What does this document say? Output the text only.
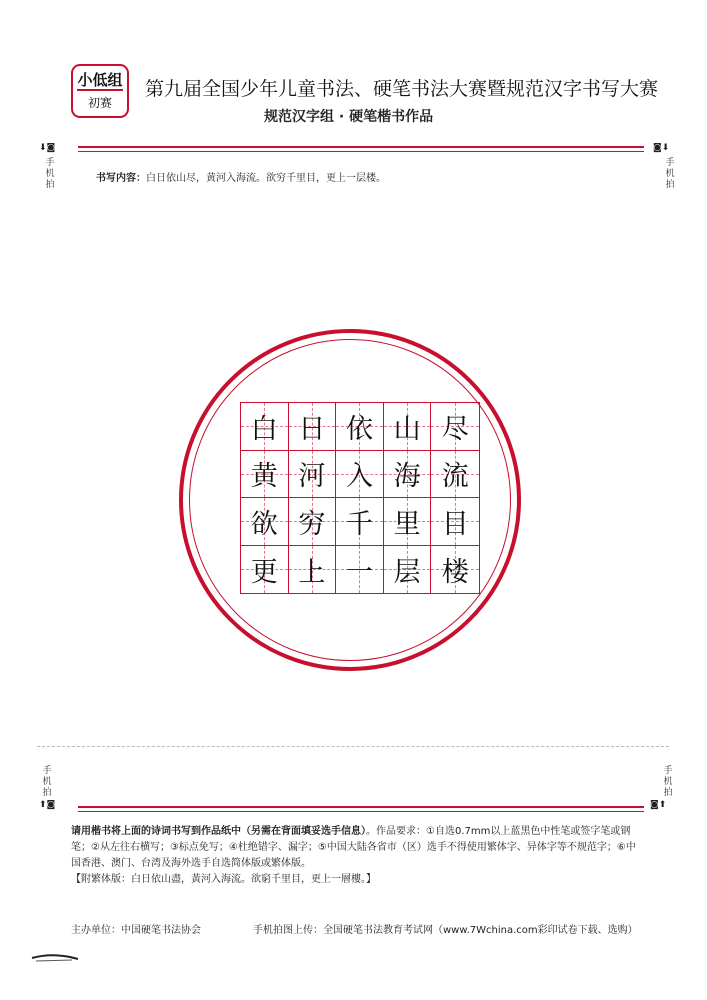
小低组
初赛
第九届全国少年儿童书法、硬笔书法大赛暨规范汉字书写大赛
规范汉字组 · 硬笔楷书作品
⬇◙
手机拍
◙⬇
手机拍
书写内容：白日依山尽，黄河入海流。欲穷千里目，更上一层楼。
白 日 依 山 尽
黄 河 入 海 流
欲 穷 千 里 目
更 上 一 层 楼
手机拍
⬆◙
手机拍
◙⬆
请用楷书将上面的诗词书写到作品纸中（另需在背面填妥选手信息）。作品要求：①自选0.7mm以上蓝黑色中性笔或签字笔或钢笔；②从左往右横写；③标点免写；④杜绝错字、漏字；⑤中国大陆各省市（区）选手不得使用繁体字、异体字等不规范字；⑥中国香港、澳门、台湾及海外选手自选简体版或繁体版。
【附繁体版：白日依山盡，黃河入海流。欲窮千里目，更上一層樓。】
主办单位：中国硬笔书法协会	手机拍图上传：全国硬笔书法教育考试网（www.7Wchina.com彩印试卷下载、选购）
